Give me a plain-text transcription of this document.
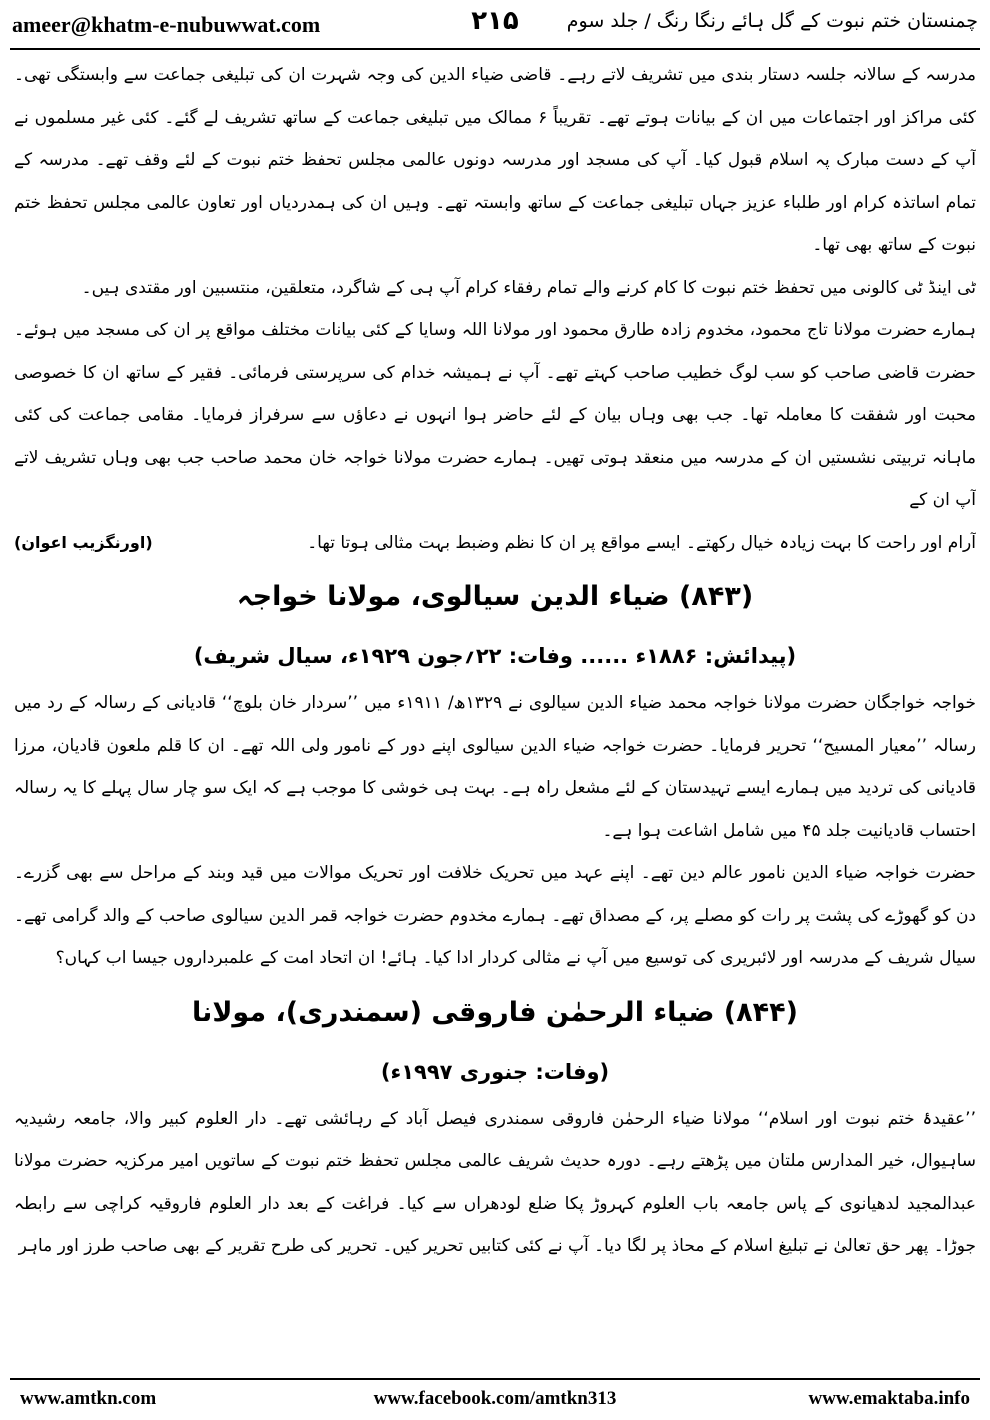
ameer@khatm-e-nubuwwat.com	۲۱۵	چمنستان ختم نبوت کے گل ہائے رنگا رنگ / جلد سوم

مدرسہ کے سالانہ جلسہ دستار بندی میں تشریف لاتے رہے۔ قاضی ضیاء الدین کی وجہ شہرت ان کی تبلیغی جماعت سے وابستگی تھی۔ کئی مراکز اور اجتماعات میں ان کے بیانات ہوتے تھے۔ تقریباً ۶ ممالک میں تبلیغی جماعت کے ساتھ تشریف لے گئے۔ کئی غیر مسلموں نے آپ کے دست مبارک پہ اسلام قبول کیا۔ آپ کی مسجد اور مدرسہ دونوں عالمی مجلس تحفظ ختم نبوت کے لئے وقف تھے۔ مدرسہ کے تمام اساتذہ کرام اور طلباء عزیز جہاں تبلیغی جماعت کے ساتھ وابستہ تھے۔ وہیں ان کی ہمدردیاں اور تعاون عالمی مجلس تحفظ ختم نبوت کے ساتھ بھی تھا۔

ٹی اینڈ ٹی کالونی میں تحفظ ختم نبوت کا کام کرنے والے تمام رفقاء کرام آپ ہی کے شاگرد، متعلقین، منتسبین اور مقتدی ہیں۔

ہمارے حضرت مولانا تاج محمود، مخدوم زادہ طارق محمود اور مولانا اللہ وسایا کے کئی بیانات مختلف مواقع پر ان کی مسجد میں ہوئے۔ حضرت قاضی صاحب کو سب لوگ خطیب صاحب کہتے تھے۔ آپ نے ہمیشہ خدام کی سرپرستی فرمائی۔ فقیر کے ساتھ ان کا خصوصی محبت اور شفقت کا معاملہ تھا۔ جب بھی وہاں بیان کے لئے حاضر ہوا انہوں نے دعاؤں سے سرفراز فرمایا۔ مقامی جماعت کی کئی ماہانہ تربیتی نشستیں ان کے مدرسہ میں منعقد ہوتی تھیں۔ ہمارے حضرت مولانا خواجہ خان محمد صاحب جب بھی وہاں تشریف لاتے آپ ان کے

آرام اور راحت کا بہت زیادہ خیال رکھتے۔ ایسے مواقع پر ان کا نظم وضبط بہت مثالی ہوتا تھا۔
(اورنگزیب اعوان)
(۸۴۳) ضیاء الدین سیالوی، مولانا خواجہ
(پیدائش: ۱۸۸۶ء ...... وفات: ۲۲؍جون ۱۹۲۹ء، سیال شریف)

خواجہ خواجگان حضرت مولانا خواجہ محمد ضیاء الدین سیالوی نے ۱۳۲۹ھ/ ۱۹۱۱ء میں ’’سردار خان بلوچ‘‘ قادیانی کے رسالہ کے رد میں رسالہ ’’معیار المسیح‘‘ تحریر فرمایا۔ حضرت خواجہ ضیاء الدین سیالوی اپنے دور کے نامور ولی اللہ تھے۔ ان کا قلم ملعون قادیان، مرزا قادیانی کی تردید میں ہمارے ایسے تہیدستان کے لئے مشعل راہ ہے۔ بہت ہی خوشی کا موجب ہے کہ ایک سو چار سال پہلے کا یہ رسالہ احتساب قادیانیت جلد ۴۵ میں شامل اشاعت ہوا ہے۔

حضرت خواجہ ضیاء الدین نامور عالم دین تھے۔ اپنے عہد میں تحریک خلافت اور تحریک موالات میں قید وبند کے مراحل سے بھی گزرے۔ دن کو گھوڑے کی پشت پر رات کو مصلے پر، کے مصداق تھے۔ ہمارے مخدوم حضرت خواجہ قمر الدین سیالوی صاحب کے والد گرامی تھے۔ سیال شریف کے مدرسہ اور لائبریری کی توسیع میں آپ نے مثالی کردار ادا کیا۔ ہائے! ان اتحاد امت کے علمبرداروں جیسا اب کہاں؟

(۸۴۴) ضیاء الرحمٰن فاروقی (سمندری)، مولانا
(وفات: جنوری ۱۹۹۷ء)

’’عقیدۂ ختم نبوت اور اسلام‘‘ مولانا ضیاء الرحمٰن فاروقی سمندری فیصل آباد کے رہائشی تھے۔ دار العلوم کبیر والا، جامعہ رشیدیہ ساہیوال، خیر المدارس ملتان میں پڑھتے رہے۔ دورہ حدیث شریف عالمی مجلس تحفظ ختم نبوت کے ساتویں امیر مرکزیہ حضرت مولانا عبدالمجید لدھیانوی کے پاس جامعہ باب العلوم کہروڑ پکا ضلع لودھراں سے کیا۔ فراغت کے بعد دار العلوم فاروقیہ کراچی سے رابطہ جوڑا۔ پھر حق تعالیٰ نے تبلیغ اسلام کے محاذ پر لگا دیا۔ آپ نے کئی کتابیں تحریر کیں۔ تحریر کی طرح تقریر کے بھی صاحب طرز اور ماہر

www.amtkn.com	www.facebook.com/amtkn313	www.emaktaba.info
